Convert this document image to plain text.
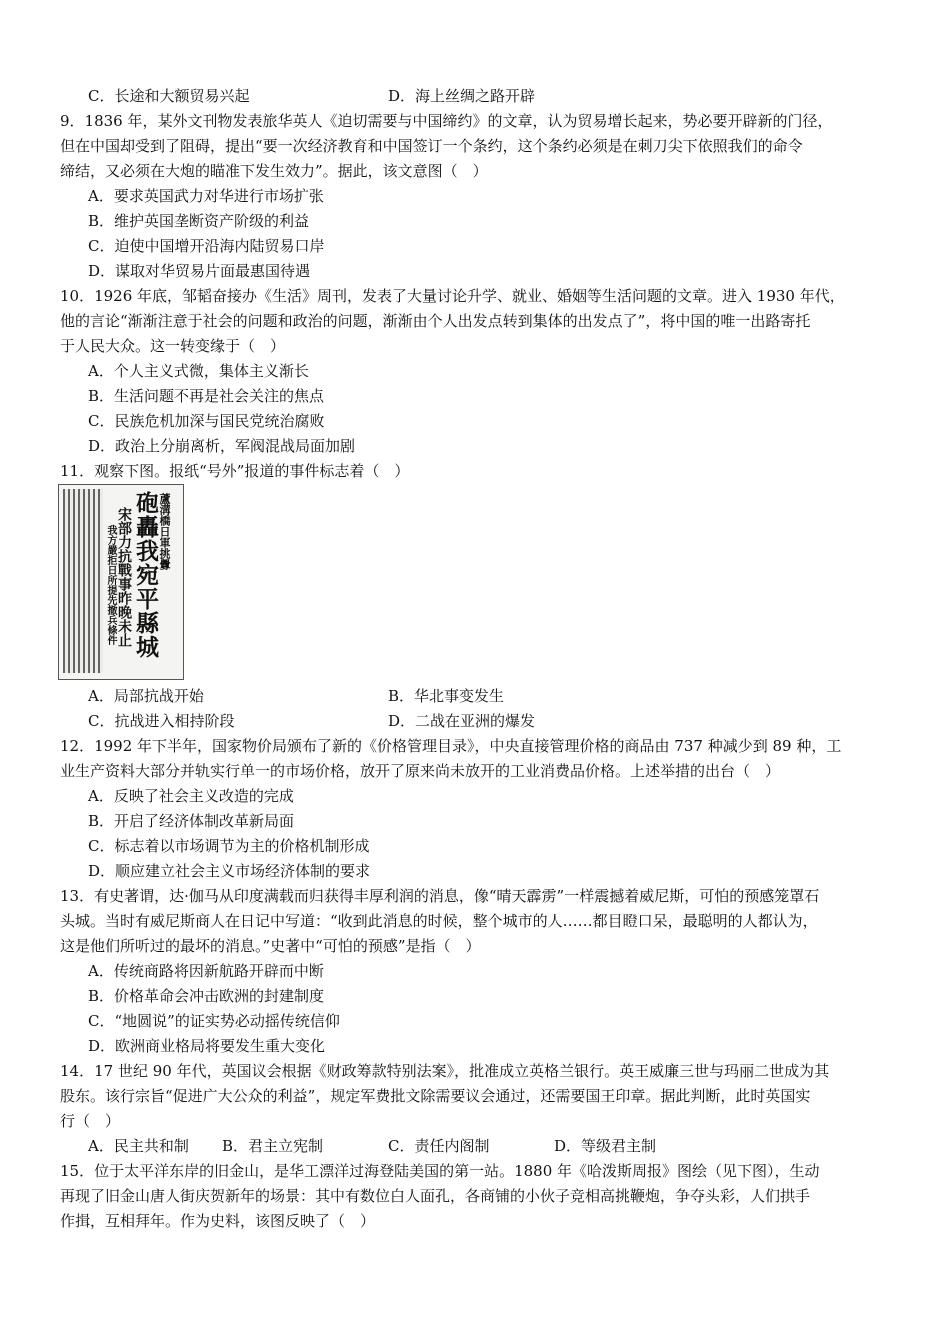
C．长途和大额贸易兴起	D．海上丝绸之路开辟
9．1836 年，某外文刊物发表旅华英人《迫切需要与中国缔约》的文章，认为贸易增长起来，势必要开辟新的门径，
但在中国却受到了阻碍，提出“要一次经济教育和中国签订一个条约，这个条约必须是在刺刀尖下依照我们的命令
缔结，又必须在大炮的瞄准下发生效力”。据此，该文意图（　）
A．要求英国武力对华进行市场扩张
B．维护英国垄断资产阶级的利益
C．迫使中国增开沿海内陆贸易口岸
D．谋取对华贸易片面最惠国待遇
10．1926 年底，邹韬奋接办《生活》周刊，发表了大量讨论升学、就业、婚姻等生活问题的文章。进入 1930 年代，
他的言论“渐渐注意于社会的问题和政治的问题，渐渐由个人出发点转到集体的出发点了”，将中国的唯一出路寄托
于人民大众。这一转变缘于（　）
A．个人主义式微，集体主义渐长
B．生活问题不再是社会关注的焦点
C．民族危机加深与国民党统治腐败
D．政治上分崩离析，军阀混战局面加剧
11．观察下图。报纸“号外”报道的事件标志着（　）
A．局部抗战开始	B．华北事变发生
C．抗战进入相持阶段	D．二战在亚洲的爆发
12．1992 年下半年，国家物价局颁布了新的《价格管理目录》，中央直接管理价格的商品由 737 种减少到 89 种，工
业生产资料大部分并轨实行单一的市场价格，放开了原来尚未放开的工业消费品价格。上述举措的出台（　）
A．反映了社会主义改造的完成
B．开启了经济体制改革新局面
C．标志着以市场调节为主的价格机制形成
D．顺应建立社会主义市场经济体制的要求
13．有史著谓，达·伽马从印度满载而归获得丰厚利润的消息，像“晴天霹雳”一样震撼着威尼斯，可怕的预感笼罩石
头城。当时有威尼斯商人在日记中写道：“收到此消息的时候，整个城市的人……都目瞪口呆，最聪明的人都认为，
这是他们所听过的最坏的消息。”史著中“可怕的预感”是指（　）
A．传统商路将因新航路开辟而中断
B．价格革命会冲击欧洲的封建制度
C．“地圆说”的证实势必动摇传统信仰
D．欧洲商业格局将要发生重大变化
14．17 世纪 90 年代，英国议会根据《财政筹款特别法案》，批准成立英格兰银行。英王威廉三世与玛丽二世成为其
股东。该行宗旨“促进广大公众的利益”，规定军费批文除需要议会通过，还需要国王印章。据此判断，此时英国实
行（　）
A．民主共和制	B．君主立宪制	C．责任内阁制	D．等级君主制
15．位于太平洋东岸的旧金山，是华工漂洋过海登陆美国的第一站。1880 年《哈泼斯周报》图绘（见下图），生动
再现了旧金山唐人街庆贺新年的场景：其中有数位白人面孔，各商铺的小伙子竞相高挑鞭炮，争夺头彩，人们拱手
作揖，互相拜年。作为史料，该图反映了（　）
蘆溝橋日軍挑釁
砲轟我宛平縣城
宋部力抗戰事昨晚未止
我方嚴拒日所提先撤兵條件
